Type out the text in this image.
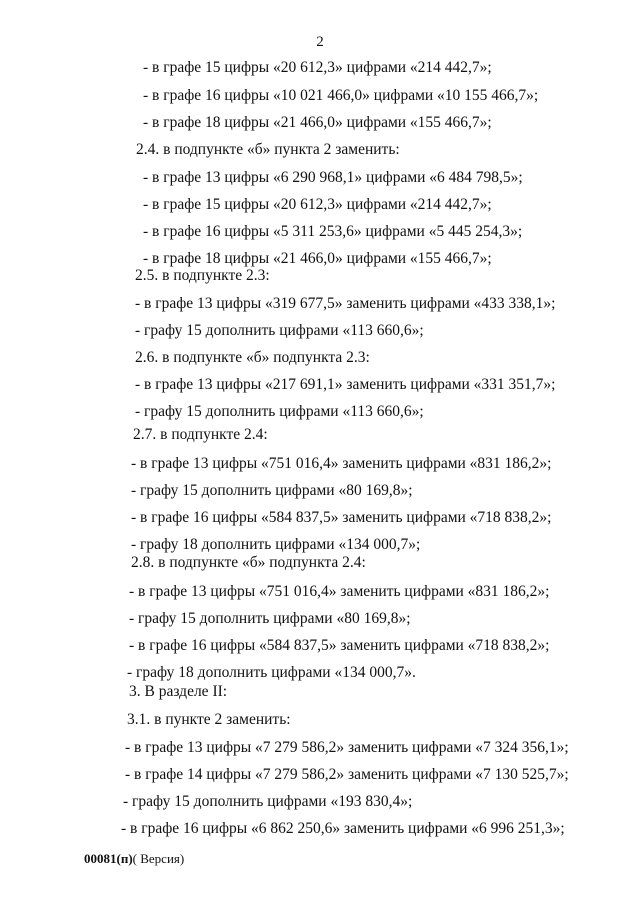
2
- в графе 15 цифры «20 612,3» цифрами «214 442,7»;
- в графе 16 цифры «10 021 466,0» цифрами «10 155 466,7»;
- в графе 18 цифры «21 466,0» цифрами «155 466,7»;
2.4. в подпункте «б» пункта 2 заменить:
- в графе 13 цифры «6 290 968,1» цифрами «6 484 798,5»;
- в графе 15 цифры «20 612,3» цифрами «214 442,7»;
- в графе 16 цифры «5 311 253,6» цифрами «5 445 254,3»;
- в графе 18 цифры «21 466,0» цифрами «155 466,7»;
2.5. в подпункте 2.3:
- в графе 13 цифры «319 677,5» заменить цифрами «433 338,1»;
- графу 15 дополнить цифрами «113 660,6»;
2.6. в подпункте «б» подпункта 2.3:
- в графе 13 цифры «217 691,1» заменить цифрами «331 351,7»;
- графу 15 дополнить цифрами «113 660,6»;
2.7. в подпункте 2.4:
- в графе 13 цифры «751 016,4» заменить цифрами «831 186,2»;
- графу 15 дополнить цифрами «80 169,8»;
- в графе 16 цифры «584 837,5» заменить цифрами «718 838,2»;
- графу 18 дополнить цифрами «134 000,7»;
2.8. в подпункте «б» подпункта 2.4:
- в графе 13 цифры «751 016,4» заменить цифрами «831 186,2»;
- графу 15 дополнить цифрами «80 169,8»;
- в графе 16 цифры «584 837,5» заменить цифрами «718 838,2»;
- графу 18 дополнить цифрами «134 000,7».
3. В разделе II:
3.1. в пункте 2 заменить:
- в графе 13 цифры «7 279 586,2» заменить цифрами «7 324 356,1»;
- в графе 14 цифры «7 279 586,2» заменить цифрами «7 130 525,7»;
- графу 15 дополнить цифрами «193 830,4»;
- в графе 16 цифры «6 862 250,6» заменить цифрами «6 996 251,3»;
00081(п)( Версия)
